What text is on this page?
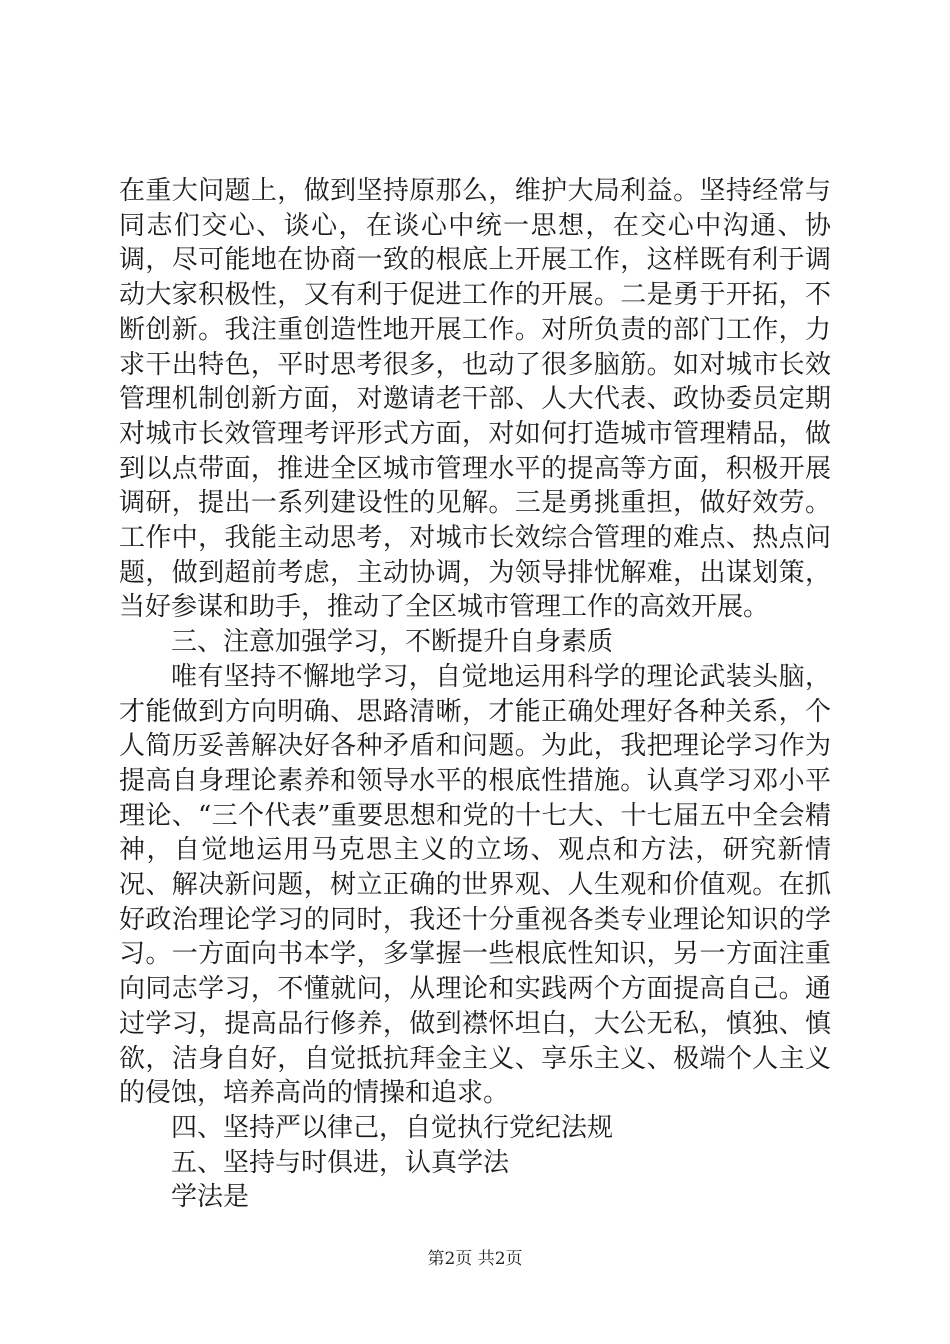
在重大问题上，做到坚持原那么，维护大局利益。坚持经常与同志们交心、谈心，在谈心中统一思想，在交心中沟通、协调，尽可能地在协商一致的根底上开展工作，这样既有利于调动大家积极性，又有利于促进工作的开展。二是勇于开拓，不断创新。我注重创造性地开展工作。对所负责的部门工作，力求干出特色，平时思考很多，也动了很多脑筋。如对城市长效管理机制创新方面，对邀请老干部、人大代表、政协委员定期对城市长效管理考评形式方面，对如何打造城市管理精品，做到以点带面，推进全区城市管理水平的提高等方面，积极开展调研，提出一系列建设性的见解。三是勇挑重担，做好效劳。工作中，我能主动思考，对城市长效综合管理的难点、热点问题，做到超前考虑，主动协调，为领导排忧解难，出谋划策，当好参谋和助手，推动了全区城市管理工作的高效开展。

三、注意加强学习，不断提升自身素质

唯有坚持不懈地学习，自觉地运用科学的理论武装头脑，才能做到方向明确、思路清晰，才能正确处理好各种关系，个人简历妥善解决好各种矛盾和问题。为此，我把理论学习作为提高自身理论素养和领导水平的根底性措施。认真学习邓小平理论、“三个代表”重要思想和党的十七大、十七届五中全会精神，自觉地运用马克思主义的立场、观点和方法，研究新情况、解决新问题，树立正确的世界观、人生观和价值观。在抓好政治理论学习的同时，我还十分重视各类专业理论知识的学习。一方面向书本学，多掌握一些根底性知识，另一方面注重向同志学习，不懂就问，从理论和实践两个方面提高自己。通过学习，提高品行修养，做到襟怀坦白，大公无私，慎独、慎欲，洁身自好，自觉抵抗拜金主义、享乐主义、极端个人主义的侵蚀，培养高尚的情操和追求。

四、坚持严以律己，自觉执行党纪法规

五、坚持与时俱进，认真学法

学法是

第2页 共2页
